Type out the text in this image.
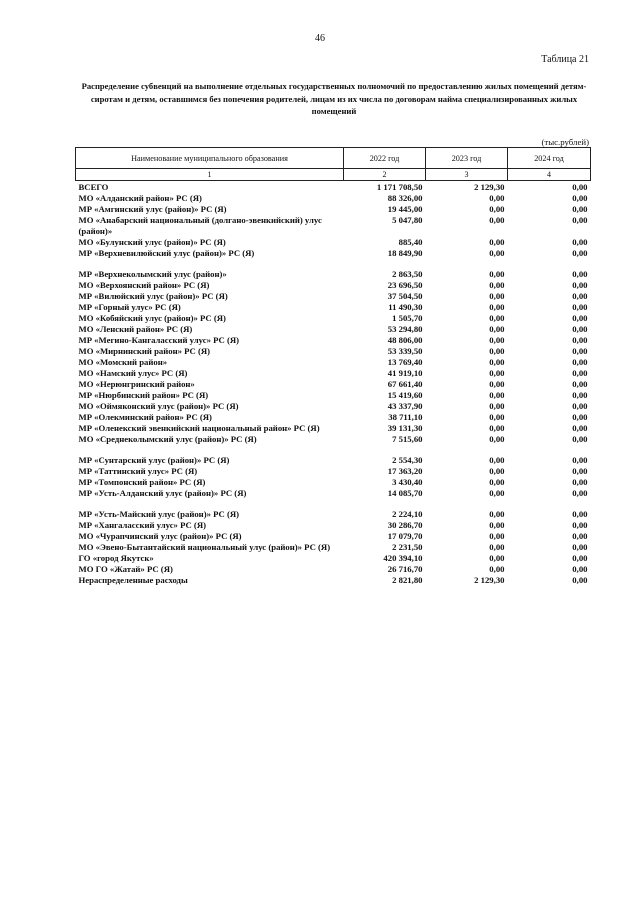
46
Таблица 21
Распределение субвенций на выполнение отдельных государственных полномочий по предоставлению жилых помещений детям-сиротам и детям, оставшимся без попечения родителей, лицам из их числа по договорам найма специализированных жилых помещений
(тыс.рублей)
Наименование муниципального образования	2022 год	2023 год	2024 год
1	2	3	4
ВСЕГО	1 171 708,50	2 129,30	0,00
МО «Алданский район» РС (Я)	88 326,00	0,00	0,00
МР «Амгинский улус (район)» РС (Я)	19 445,00	0,00	0,00
МО «Анабарский национальный (долгано-эвенкийский) улус (район)»	5 047,80	0,00	0,00
МО «Булунский улус (район)» РС (Я)	885,40	0,00	0,00
МР «Верхневилюйский улус (район)» РС (Я)	18 849,90	0,00	0,00

МР «Верхнеколымский улус (район)»	2 863,50	0,00	0,00
МО «Верхоянский район» РС (Я)	23 696,50	0,00	0,00
МР «Вилюйский улус (район)» РС (Я)	37 504,50	0,00	0,00
МР «Горный улус» РС (Я)	11 490,30	0,00	0,00
МО «Кобяйский улус (район)» РС (Я)	1 505,70	0,00	0,00
МО «Ленский район» РС (Я)	53 294,80	0,00	0,00
МР «Мегино-Кангаласский улус» РС (Я)	48 806,00	0,00	0,00
МО «Мирнинский район» РС (Я)	53 339,50	0,00	0,00
МО «Момский район»	13 769,40	0,00	0,00
МО «Намский улус» РС (Я)	41 919,10	0,00	0,00
МО «Нерюнгринский район»	67 661,40	0,00	0,00
МР «Нюрбинский район» РС (Я)	15 419,60	0,00	0,00
МО «Оймяконский улус (район)» РС (Я)	43 337,90	0,00	0,00
МР «Олекминский район» РС (Я)	38 711,10	0,00	0,00
МР «Оленекский эвенкийский национальный район» РС (Я)	39 131,30	0,00	0,00
МО «Среднеколымский улус (район)» РС (Я)	7 515,60	0,00	0,00

МР «Сунтарский улус (район)» РС (Я)	2 554,30	0,00	0,00
МР «Таттинский улус» РС (Я)	17 363,20	0,00	0,00
МР «Томпонский район» РС (Я)	3 430,40	0,00	0,00
МР «Усть-Алданский улус (район)» РС (Я)	14 085,70	0,00	0,00

МР «Усть-Майский улус (район)» РС (Я)	2 224,10	0,00	0,00
МР «Хангаласский улус» РС (Я)	30 286,70	0,00	0,00
МО «Чурапчинский улус (район)» РС (Я)	17 079,70	0,00	0,00
МО «Эвено-Бытантайский национальный улус (район)» РС (Я)	2 231,50	0,00	0,00
ГО «город Якутск»	420 394,10	0,00	0,00
МО ГО «Жатай» РС (Я)	26 716,70	0,00	0,00
Нераспределенные расходы	2 821,80	2 129,30	0,00
